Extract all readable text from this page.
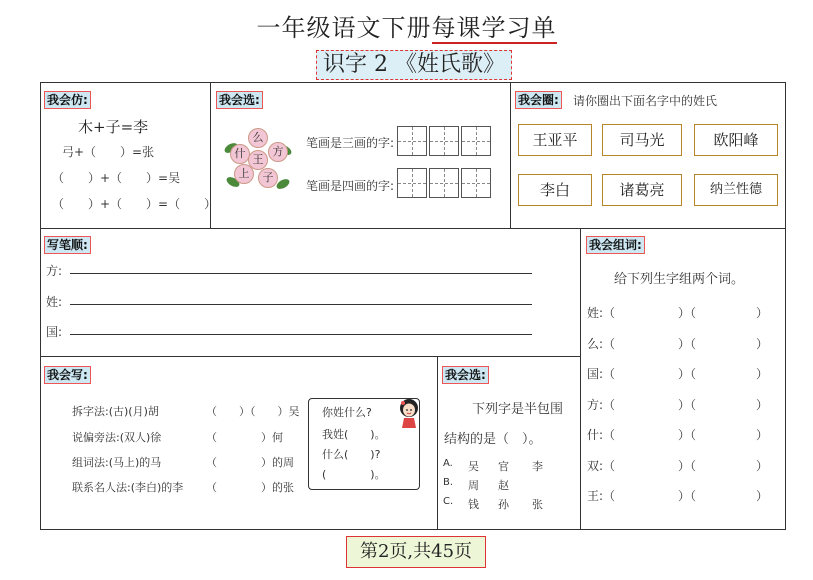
一年级语文下册每课学习单
识字 2 《姓氏歌》
我会仿:
木+子=李
弓+（　　）=张
（　　）+（　　）=吴
（　　）+（　　）=（　　）
我会选:
么
什 王
方
上	子
笔画是三画的字:
笔画是四画的字:
我会圈: 请你圈出下面名字中的姓氏
王亚平	司马光	欧阳峰
李白	诸葛亮	纳兰性德
写笔顺:
方:
姓:
国:
我会组词:
给下列生字组两个词。
姓:（	）（	）
么:（	）（	）
国:（	）（	）
方:（	）（	）
什:（	）（	）
双:（	）（	）
王:（	）（	）
我会写:
拆字法:(古)(月)胡	（　　）（　　）吴
说偏旁法:(双人)徐	（　　　　）何
组词法:(马上)的马	（　　　　）的周
联系名人法:(李白)的李 （　　　　）的张
你姓什么?
我姓(　　)。
什么(　　)?
(　　　　)。
我会选:
下列字是半包围
结构的是（　）。
A. 吴 官 李
B. 周 赵
C. 钱 孙 张
第2页,共45页
